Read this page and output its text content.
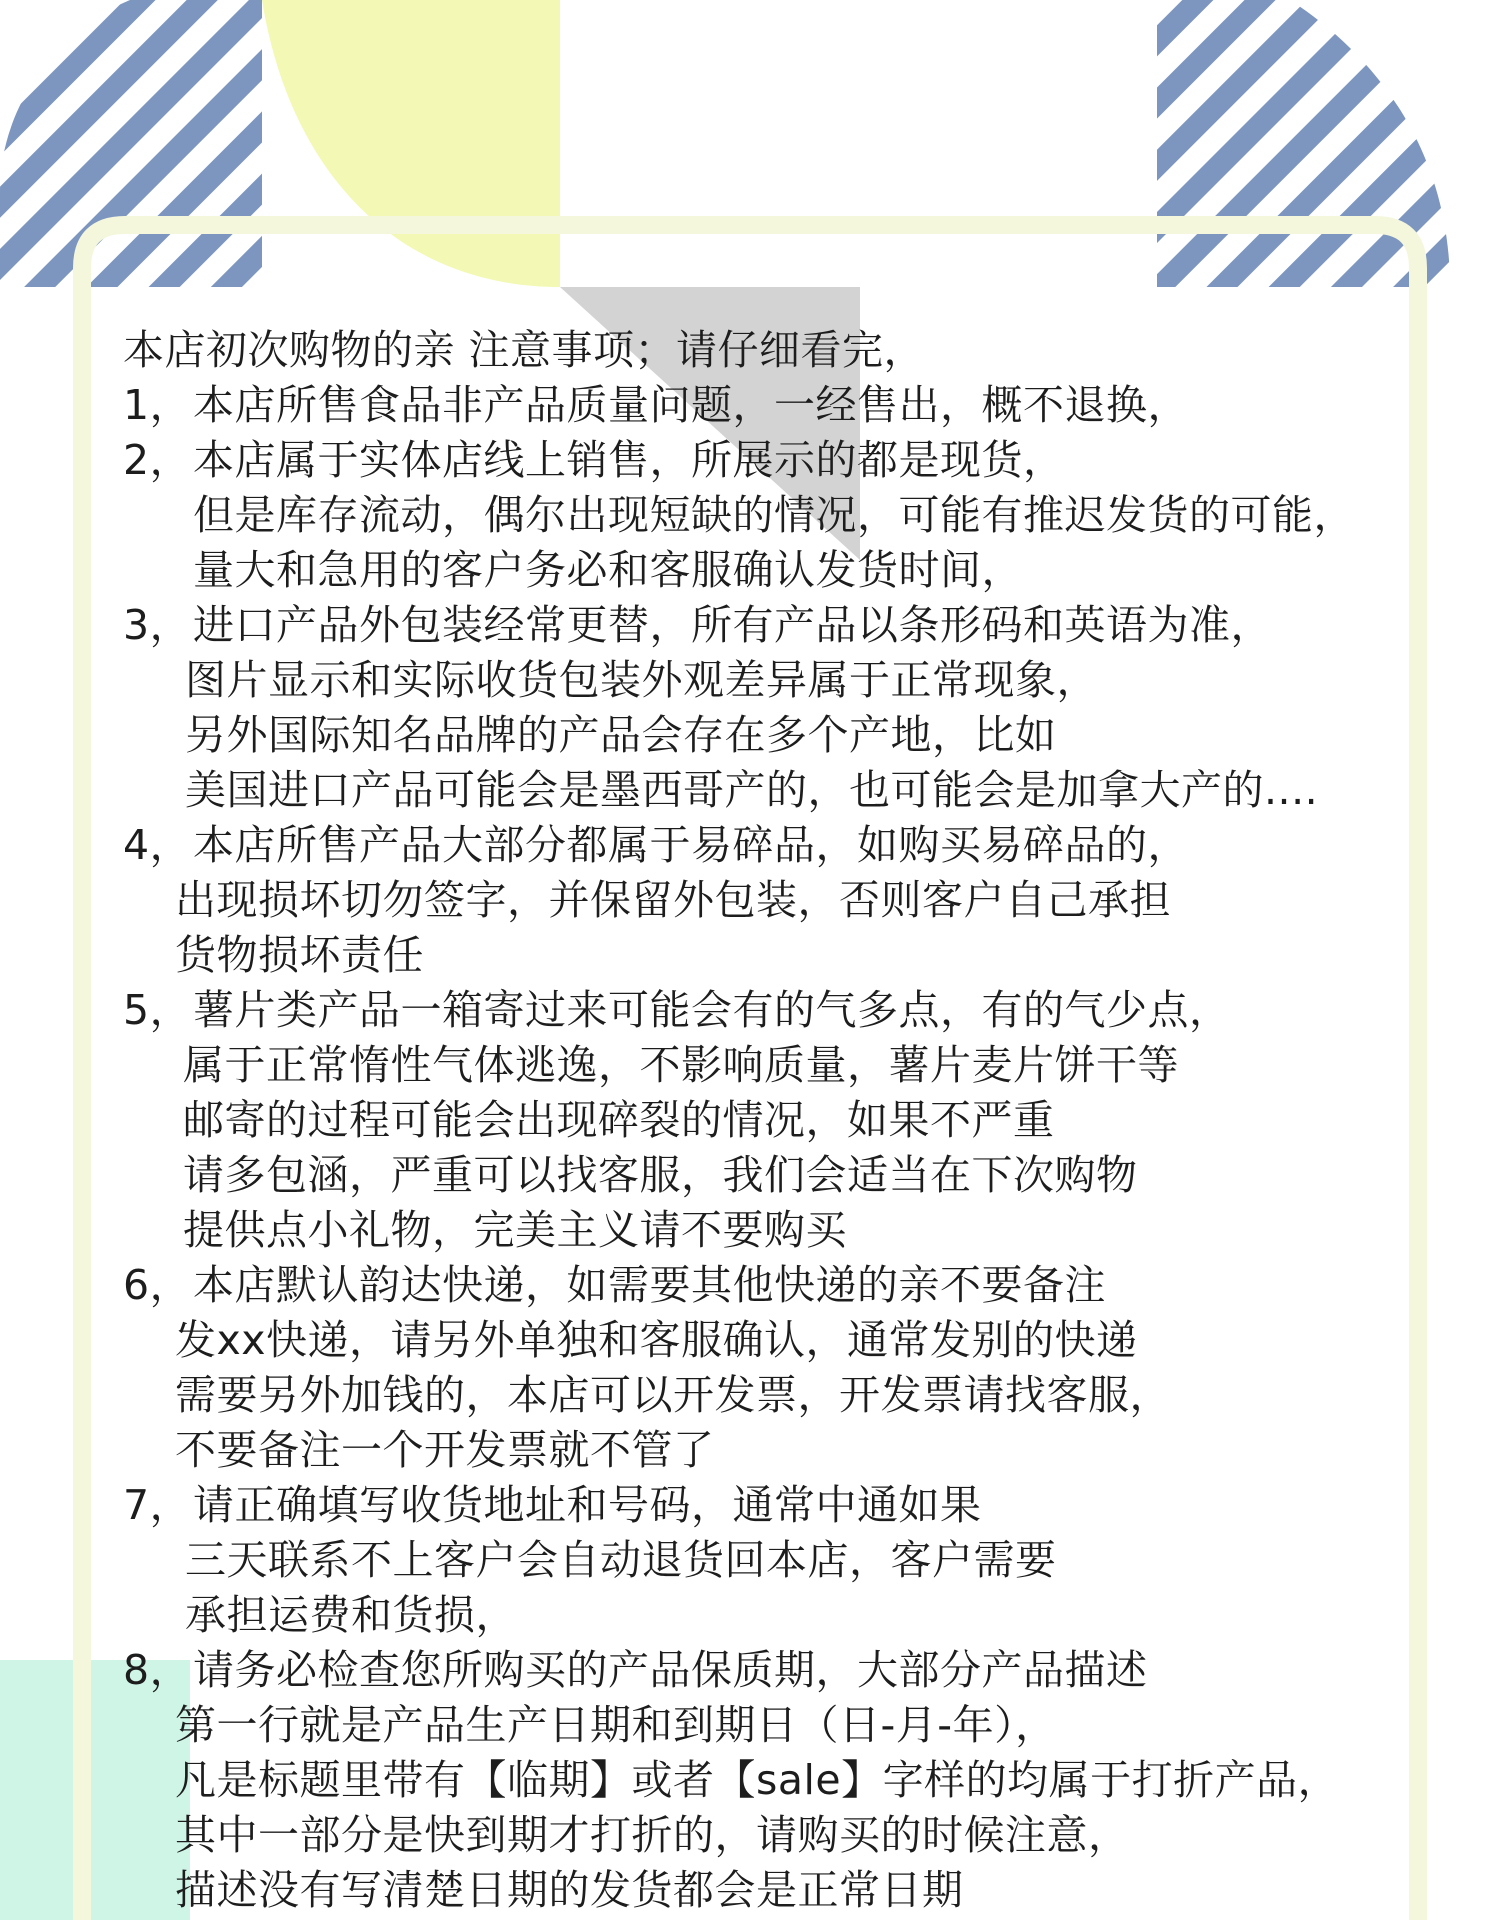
本店初次购物的亲 注意事项；请仔细看完，
1， 本店所售食品非产品质量问题，一经售出，概不退换，
2， 本店属于实体店线上销售，所展示的都是现货，
但是库存流动，偶尔出现短缺的情况，可能有推迟发货的可能，
量大和急用的客户务必和客服确认发货时间，
3， 进口产品外包装经常更替，所有产品以条形码和英语为准，
图片显示和实际收货包装外观差异属于正常现象，
另外国际知名品牌的产品会存在多个产地，比如
美国进口产品可能会是墨西哥产的，也可能会是加拿大产的....
4， 本店所售产品大部分都属于易碎品，如购买易碎品的，
出现损坏切勿签字，并保留外包装，否则客户自己承担
货物损坏责任
5， 薯片类产品一箱寄过来可能会有的气多点，有的气少点，
属于正常惰性气体逃逸，不影响质量，薯片麦片饼干等
邮寄的过程可能会出现碎裂的情况，如果不严重
请多包涵，严重可以找客服，我们会适当在下次购物
提供点小礼物，完美主义请不要购买
6， 本店默认韵达快递，如需要其他快递的亲不要备注
发xx快递，请另外单独和客服确认，通常发别的快递
需要另外加钱的，本店可以开发票，开发票请找客服，
不要备注一个开发票就不管了
7， 请正确填写收货地址和号码，通常中通如果
三天联系不上客户会自动退货回本店，客户需要
承担运费和货损，
8， 请务必检查您所购买的产品保质期，大部分产品描述
第一行就是产品生产日期和到期日（日-月-年），
凡是标题里带有【临期】或者【sale】字样的均属于打折产品，
其中一部分是快到期才打折的，请购买的时候注意，
描述没有写清楚日期的发货都会是正常日期
